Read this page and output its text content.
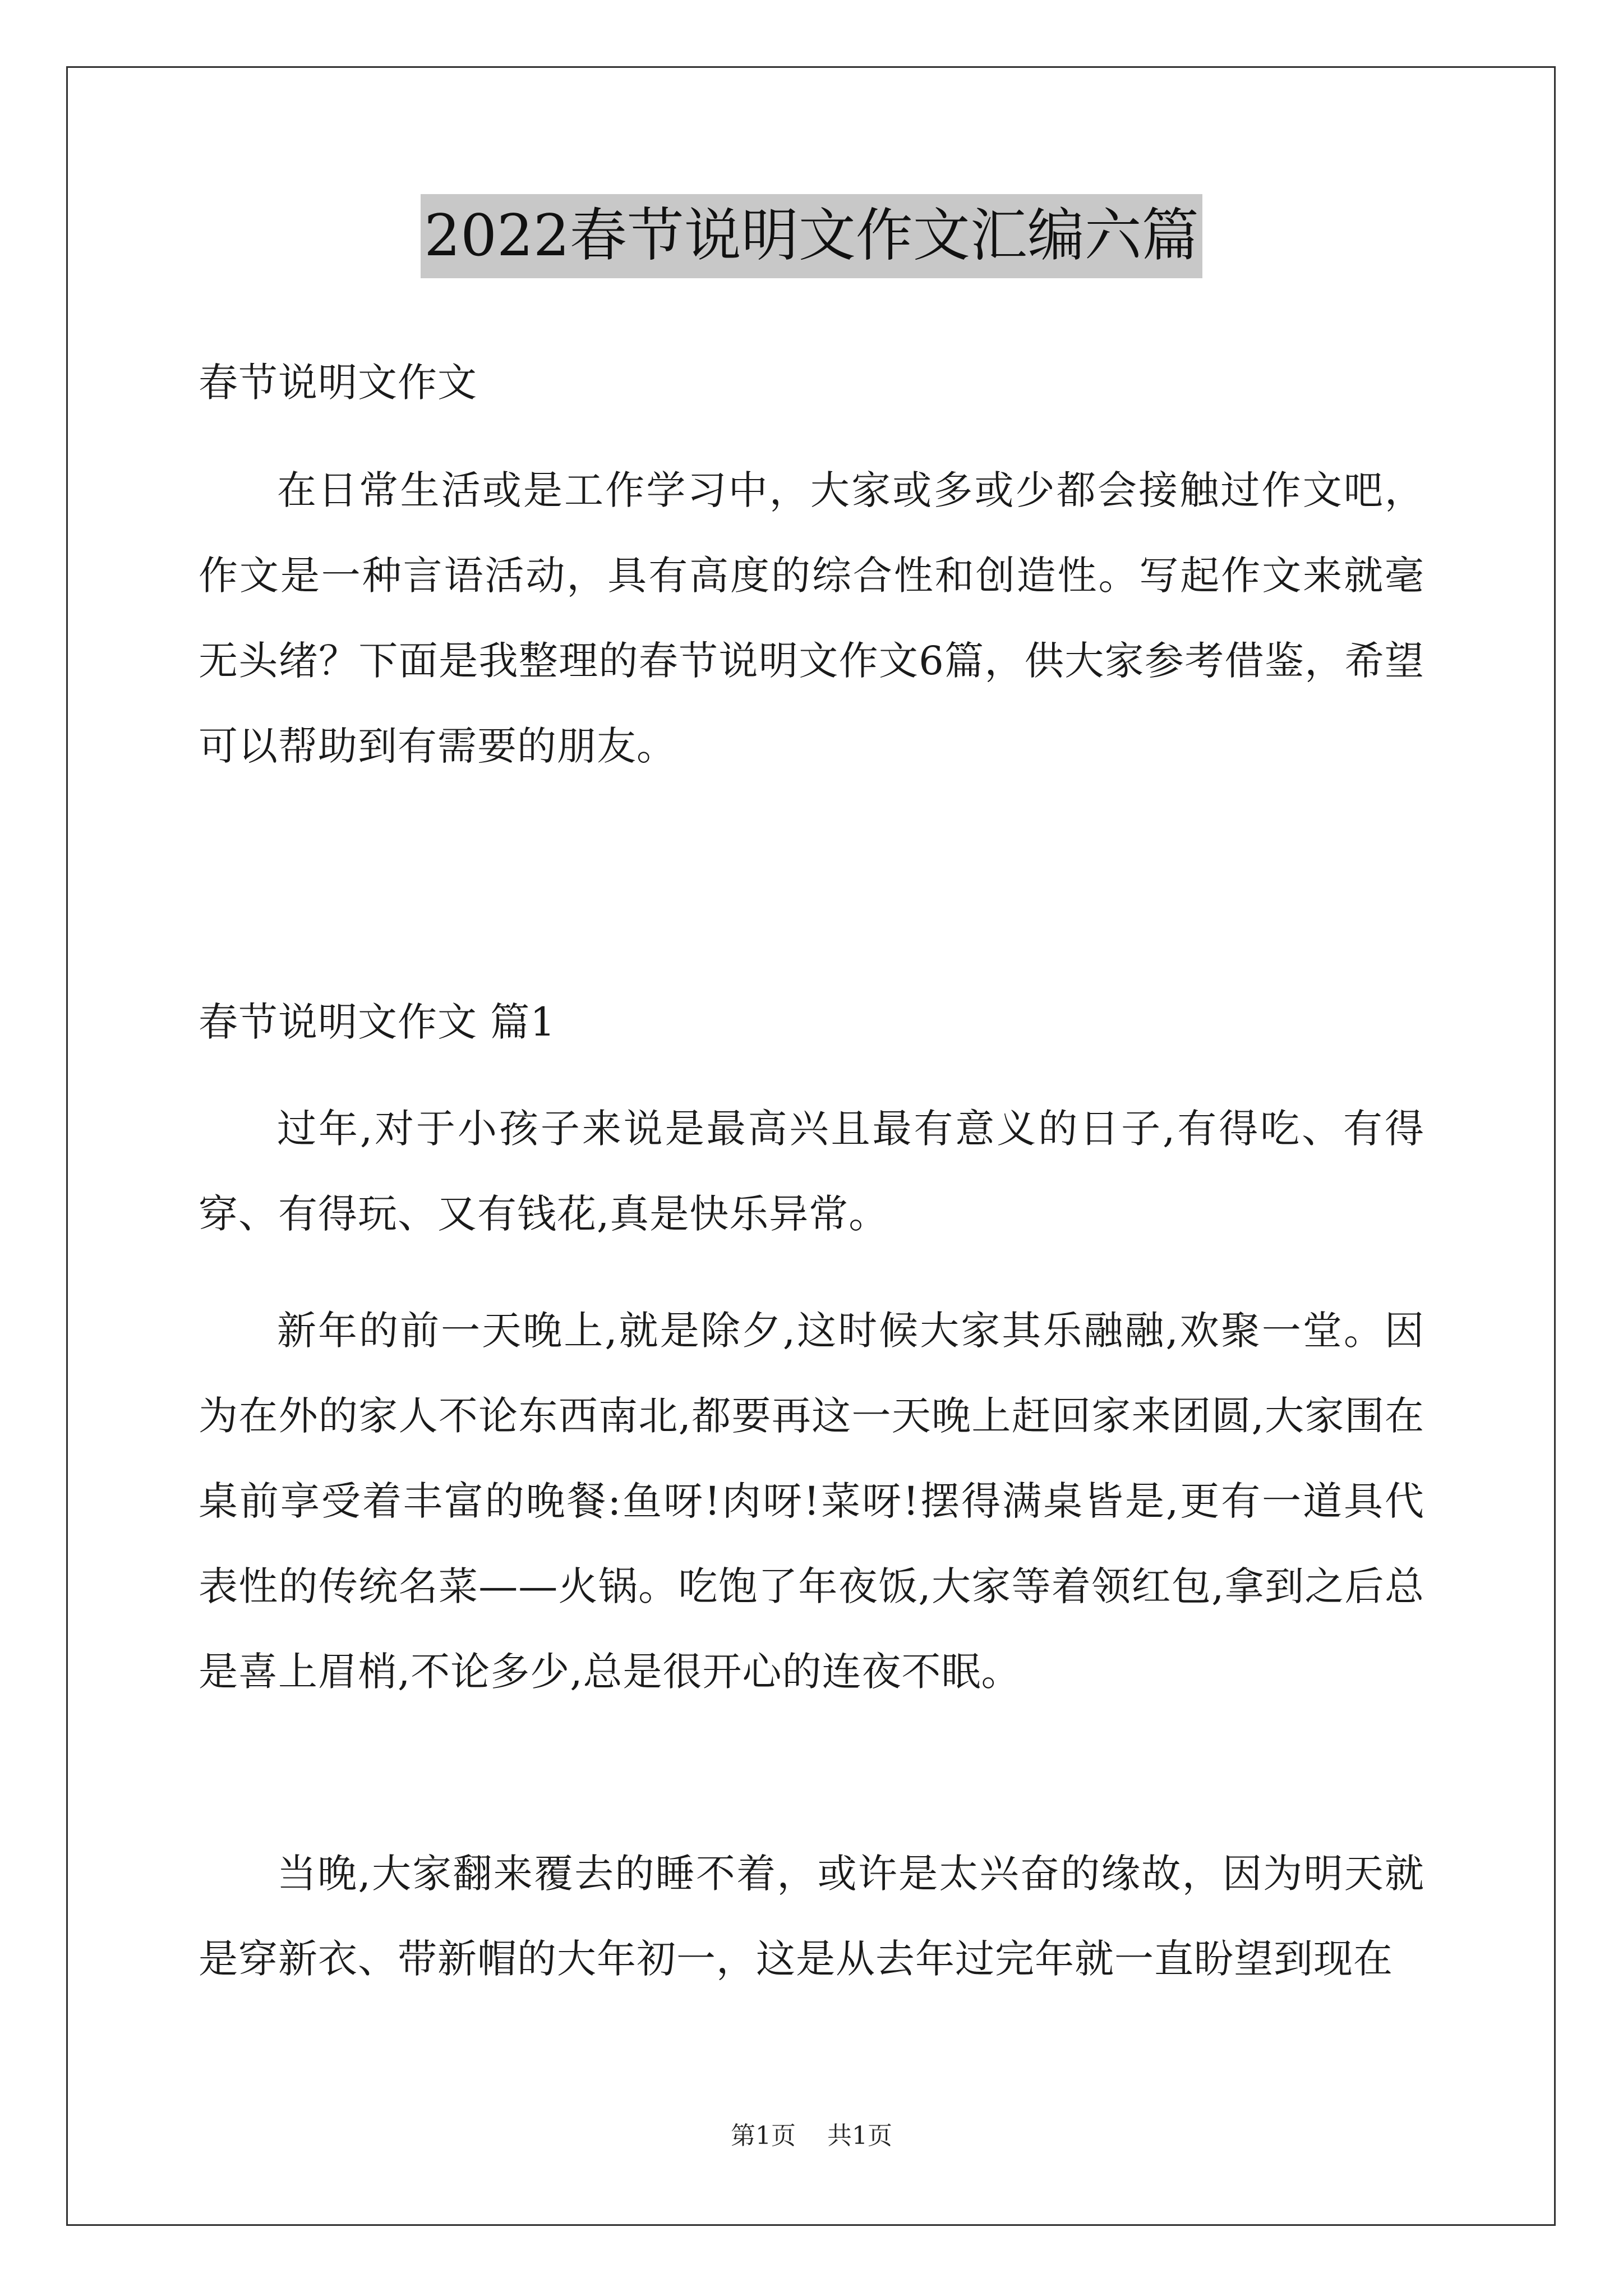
2022春节说明文作文汇编六篇

春节说明文作文

在日常生活或是工作学习中，大家或多或少都会接触过作文吧，作文是一种言语活动，具有高度的综合性和创造性。写起作文来就毫无头绪？下面是我整理的春节说明文作文6篇，供大家参考借鉴，希望可以帮助到有需要的朋友。

春节说明文作文 篇1

过年,对于小孩子来说是最高兴且最有意义的日子,有得吃、有得穿、有得玩、又有钱花,真是快乐异常。

新年的前一天晚上,就是除夕,这时候大家其乐融融,欢聚一堂。因为在外的家人不论东西南北,都要再这一天晚上赶回家来团圆,大家围在桌前享受着丰富的晚餐:鱼呀!肉呀!菜呀!摆得满桌皆是,更有一道具代表性的传统名菜——火锅。吃饱了年夜饭,大家等着领红包,拿到之后总是喜上眉梢,不论多少,总是很开心的连夜不眠。

当晚,大家翻来覆去的睡不着，或许是太兴奋的缘故，因为明天就是穿新衣、带新帽的大年初一，这是从去年过完年就一直盼望到现在

第1页 共1页
